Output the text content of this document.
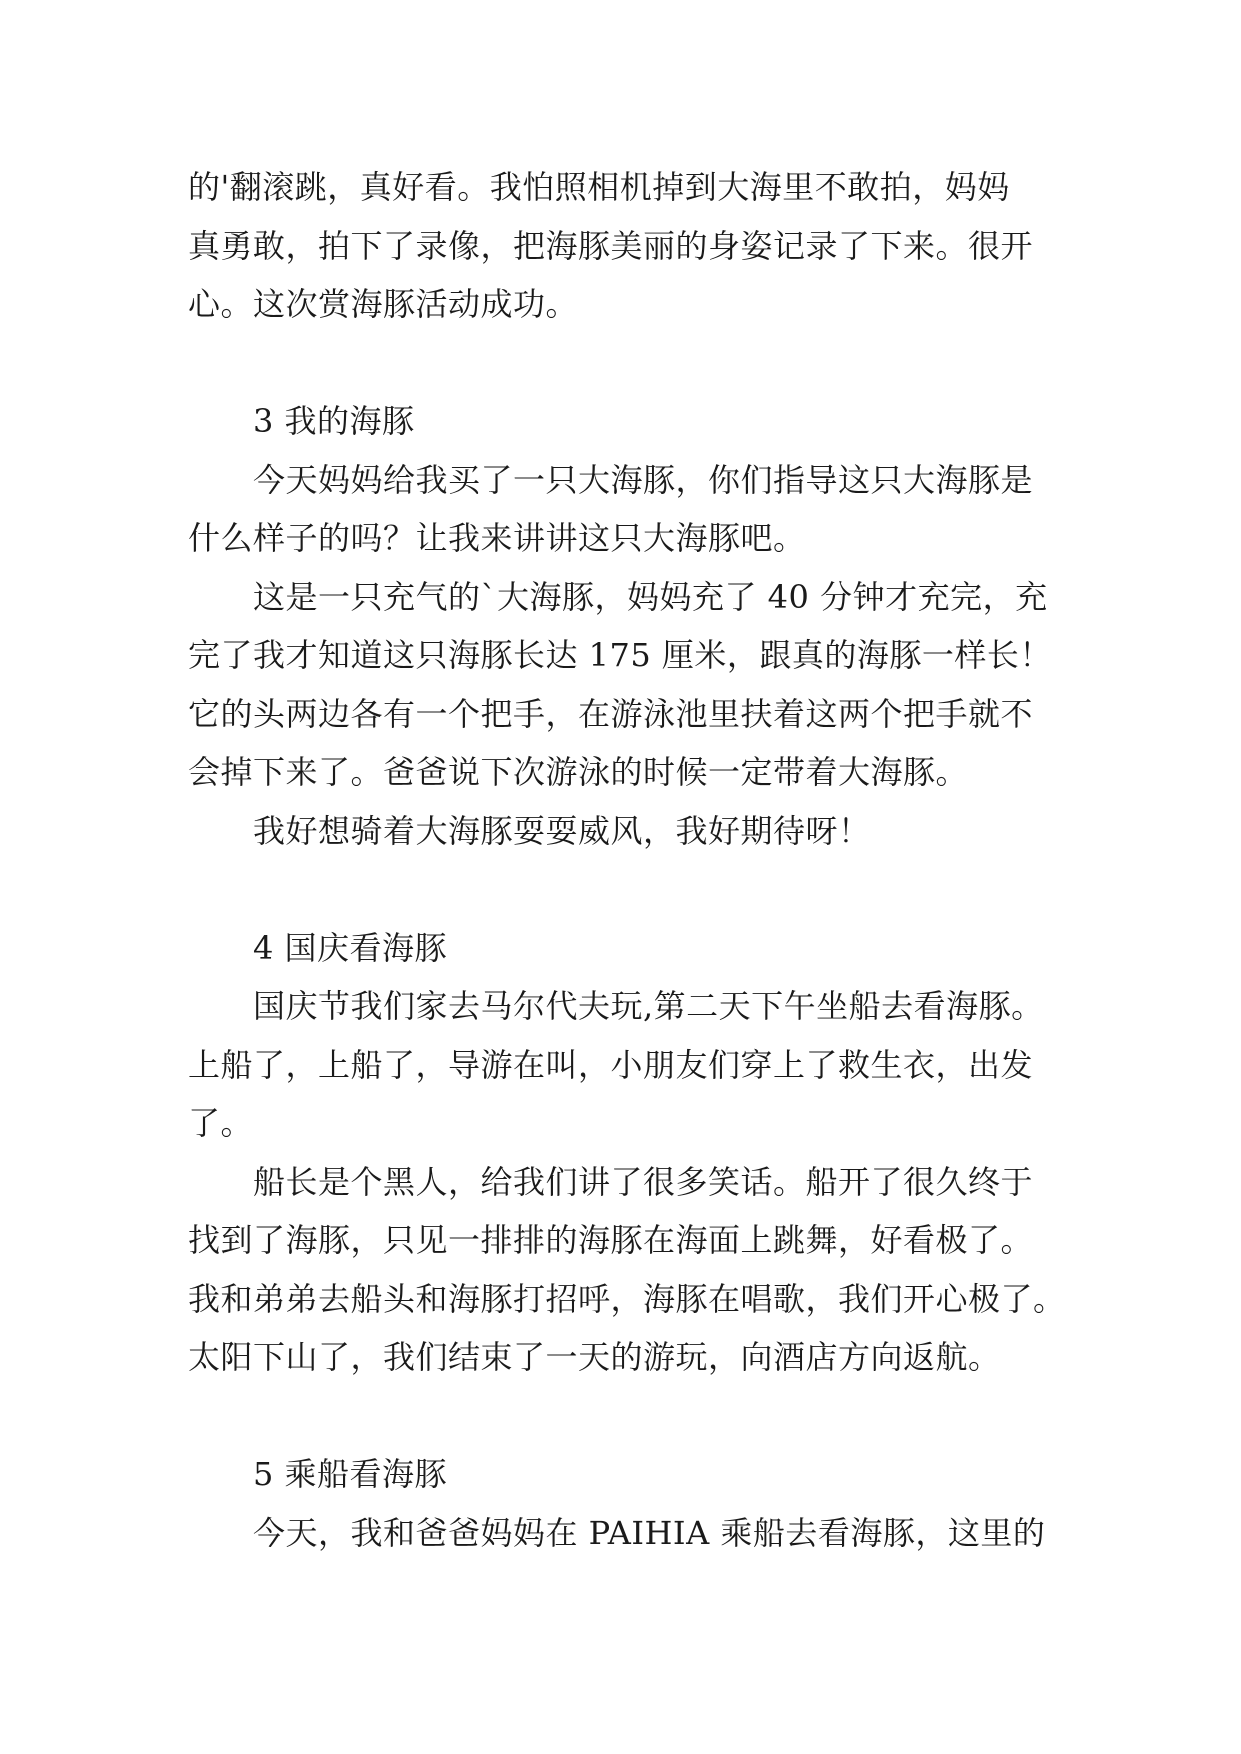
的'翻滚跳，真好看。我怕照相机掉到大海里不敢拍，妈妈
真勇敢，拍下了录像，把海豚美丽的身姿记录了下来。很开
心。这次赏海豚活动成功。
3 我的海豚
今天妈妈给我买了一只大海豚，你们指导这只大海豚是
什么样子的吗？让我来讲讲这只大海豚吧。
这是一只充气的`大海豚，妈妈充了 40 分钟才充完，充
完了我才知道这只海豚长达 175 厘米，跟真的海豚一样长！
它的头两边各有一个把手，在游泳池里扶着这两个把手就不
会掉下来了。爸爸说下次游泳的时候一定带着大海豚。
我好想骑着大海豚耍耍威风，我好期待呀！
4 国庆看海豚
国庆节我们家去马尔代夫玩,第二天下午坐船去看海豚。
上船了，上船了，导游在叫，小朋友们穿上了救生衣，出发
了。
船长是个黑人，给我们讲了很多笑话。船开了很久终于
找到了海豚，只见一排排的海豚在海面上跳舞，好看极了。
我和弟弟去船头和海豚打招呼，海豚在唱歌，我们开心极了。
太阳下山了，我们结束了一天的游玩，向酒店方向返航。
5 乘船看海豚
今天，我和爸爸妈妈在 PAIHIA 乘船去看海豚，这里的
